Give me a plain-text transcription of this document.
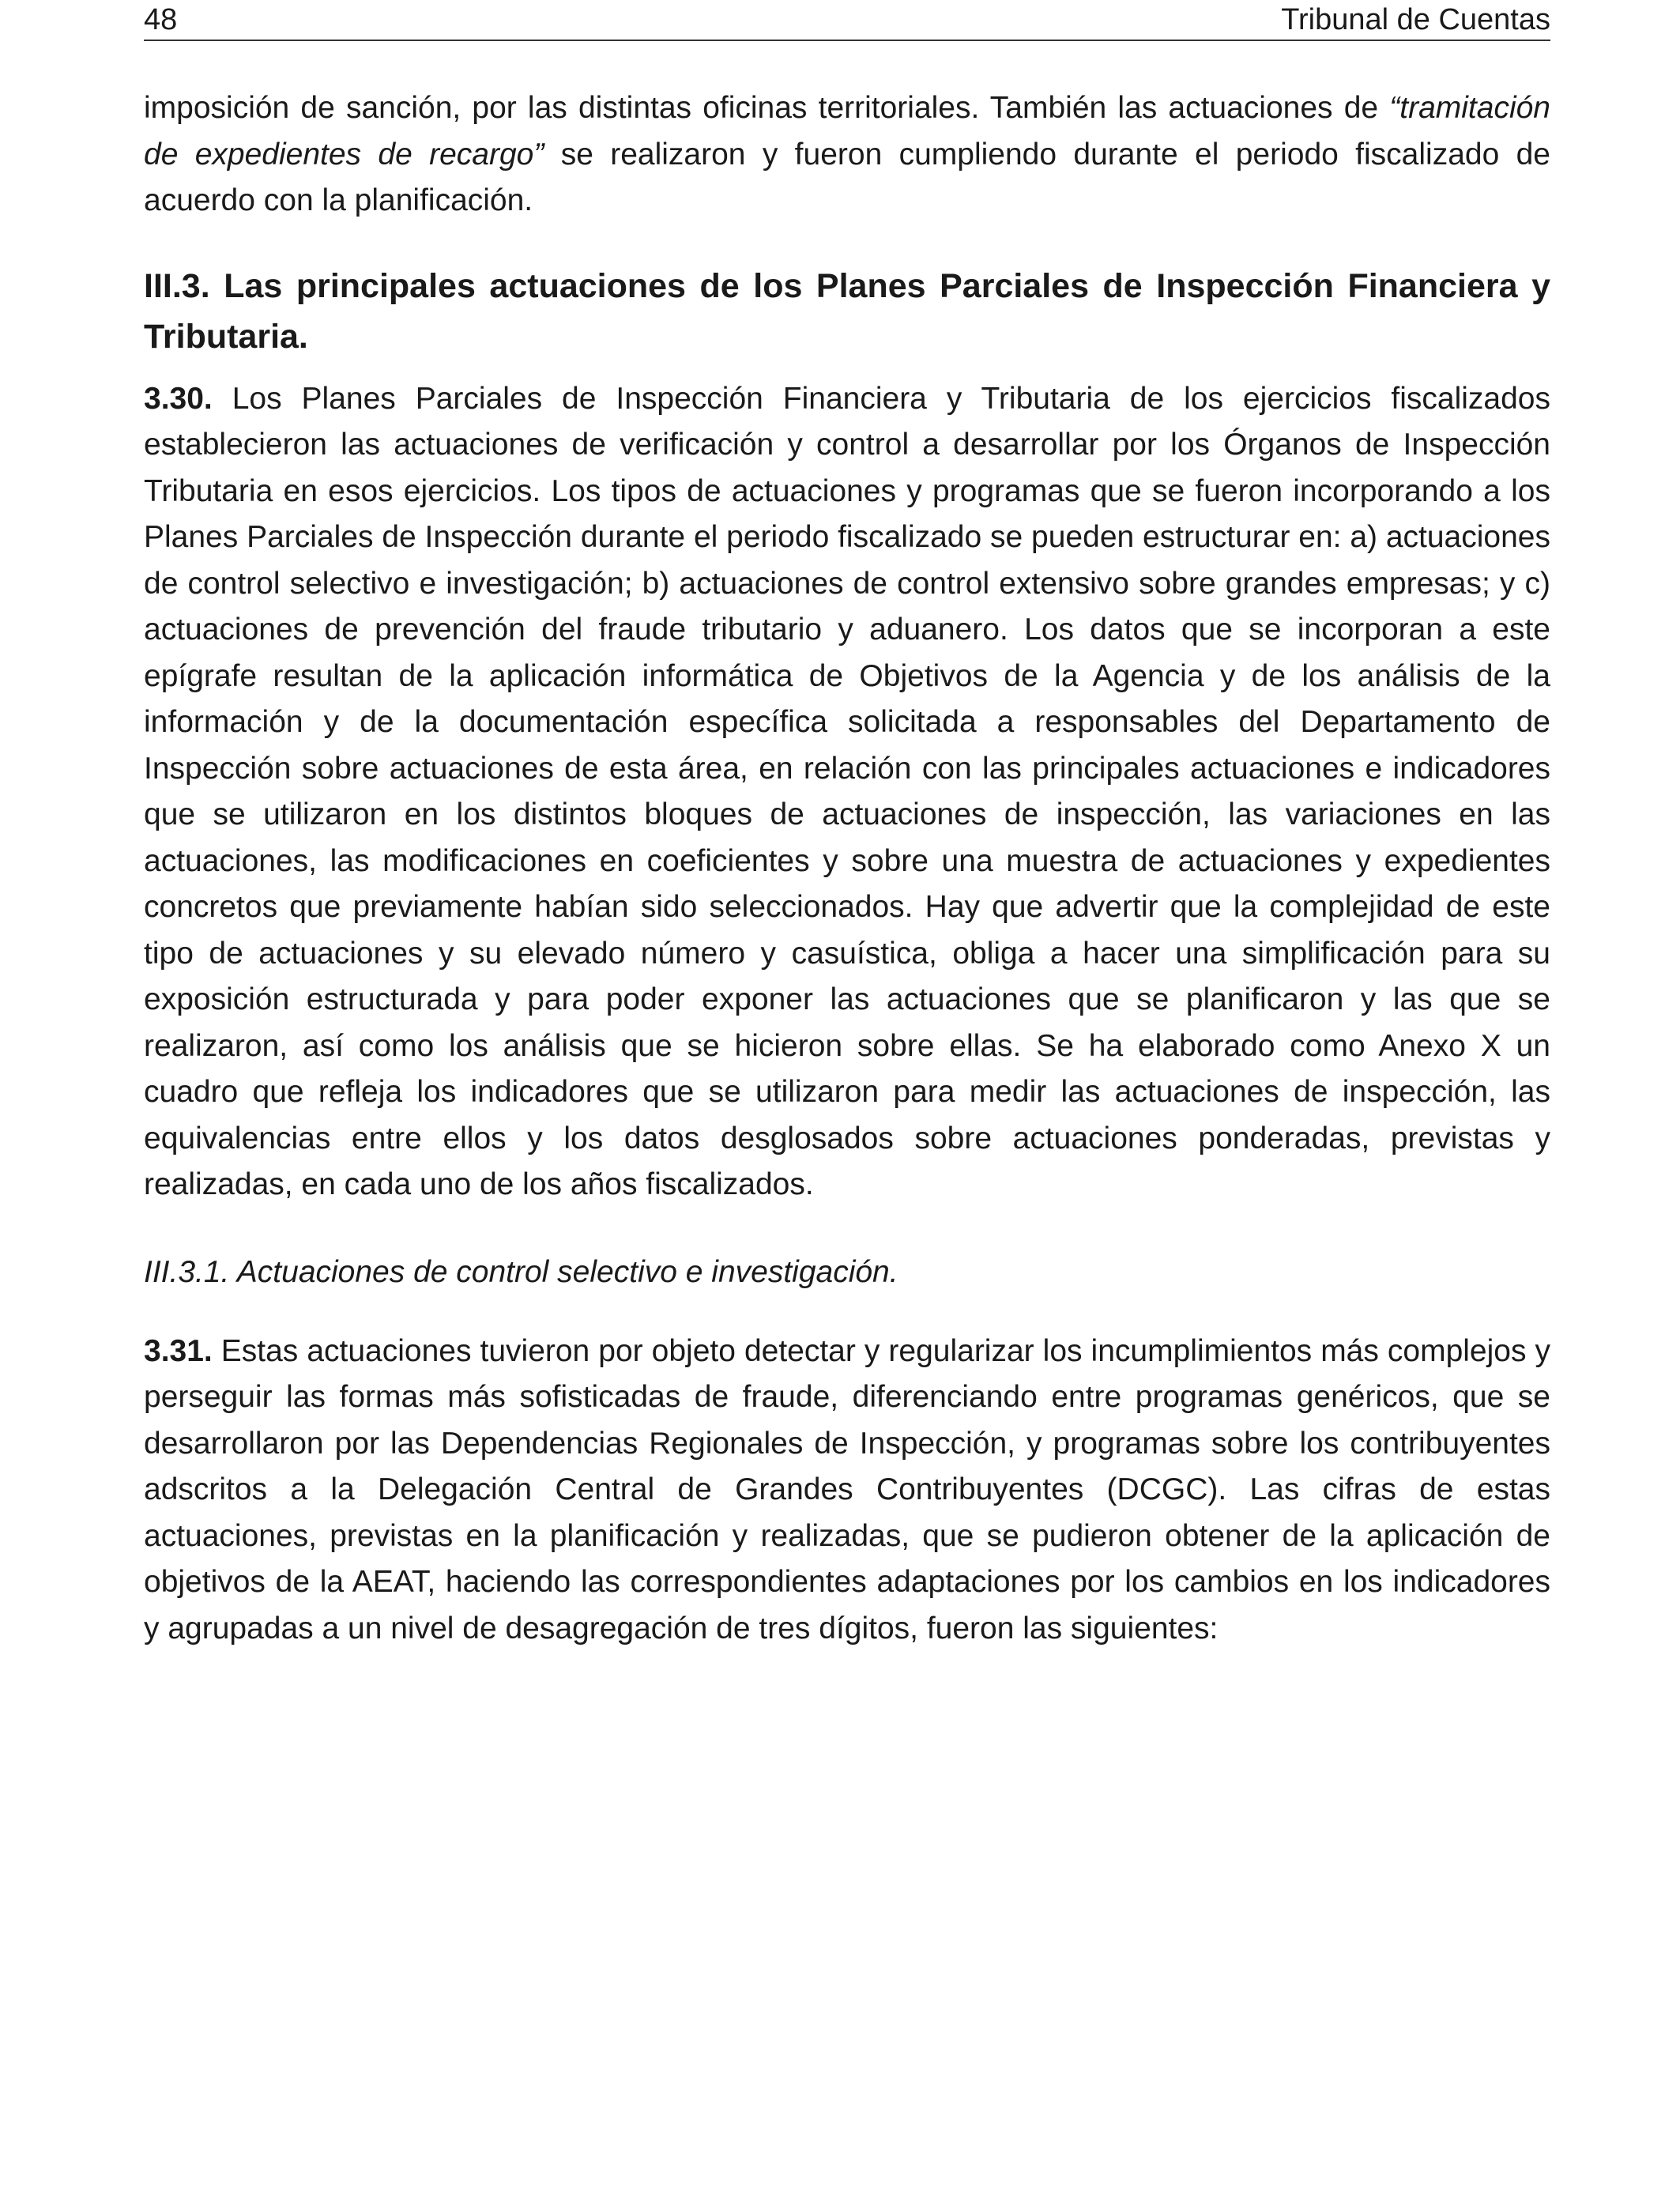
48	Tribunal de Cuentas

imposición de sanción, por las distintas oficinas territoriales. También las actuaciones de “tramitación de expedientes de recargo” se realizaron y fueron cumpliendo durante el periodo fiscalizado de acuerdo con la planificación.

III.3. Las principales actuaciones de los Planes Parciales de Inspección Financiera y Tributaria.

3.30. Los Planes Parciales de Inspección Financiera y Tributaria de los ejercicios fiscalizados establecieron las actuaciones de verificación y control a desarrollar por los Órganos de Inspección Tributaria en esos ejercicios. Los tipos de actuaciones y programas que se fueron incorporando a los Planes Parciales de Inspección durante el periodo fiscalizado se pueden estructurar en: a) actuaciones de control selectivo e investigación; b) actuaciones de control extensivo sobre grandes empresas; y c) actuaciones de prevención del fraude tributario y aduanero. Los datos que se incorporan a este epígrafe resultan de la aplicación informática de Objetivos de la Agencia y de los análisis de la información y de la documentación específica solicitada a responsables del Departamento de Inspección sobre actuaciones de esta área, en relación con las principales actuaciones e indicadores que se utilizaron en los distintos bloques de actuaciones de inspección, las variaciones en las actuaciones, las modificaciones en coeficientes y sobre una muestra de actuaciones y expedientes concretos que previamente habían sido seleccionados. Hay que advertir que la complejidad de este tipo de actuaciones y su elevado número y casuística, obliga a hacer una simplificación para su exposición estructurada y para poder exponer las actuaciones que se planificaron y las que se realizaron, así como los análisis que se hicieron sobre ellas. Se ha elaborado como Anexo X un cuadro que refleja los indicadores que se utilizaron para medir las actuaciones de inspección, las equivalencias entre ellos y los datos desglosados sobre actuaciones ponderadas, previstas y realizadas, en cada uno de los años fiscalizados.

III.3.1. Actuaciones de control selectivo e investigación.

3.31. Estas actuaciones tuvieron por objeto detectar y regularizar los incumplimientos más complejos y perseguir las formas más sofisticadas de fraude, diferenciando entre programas genéricos, que se desarrollaron por las Dependencias Regionales de Inspección, y programas sobre los contribuyentes adscritos a la Delegación Central de Grandes Contribuyentes (DCGC). Las cifras de estas actuaciones, previstas en la planificación y realizadas, que se pudieron obtener de la aplicación de objetivos de la AEAT, haciendo las correspondientes adaptaciones por los cambios en los indicadores y agrupadas a un nivel de desagregación de tres dígitos, fueron las siguientes:
